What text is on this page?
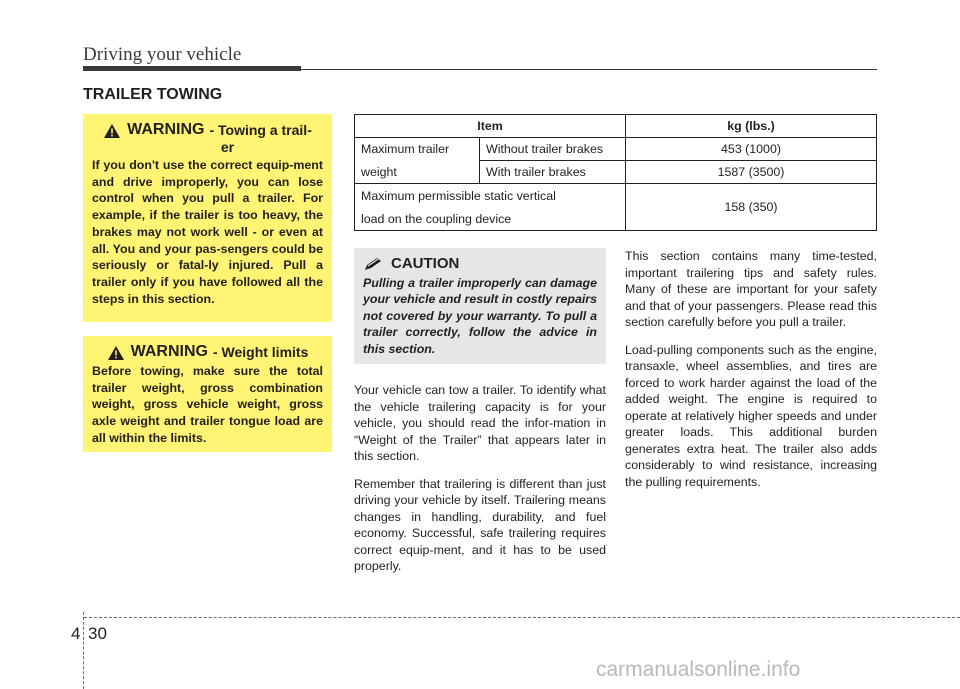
Driving your vehicle
TRAILER TOWING
WARNING - Towing a trail-
er
If you don't use the correct equip-ment and drive improperly, you can lose control when you pull a trailer. For example, if the trailer is too heavy, the brakes may not work well - or even at all. You and your pas-sengers could be seriously or fatal-ly injured. Pull a trailer only if you have followed all the steps in this section.
WARNING - Weight limits
Before towing, make sure the total trailer weight, gross combination weight, gross vehicle weight, gross axle weight and trailer tongue load are all within the limits.
Item		kg (lbs.)
Maximum trailer	Without trailer brakes	453 (1000)
weight	With trailer brakes	1587 (3500)
Maximum permissible static vertical		158 (350)
load on the coupling device		
CAUTION
Pulling a trailer improperly can damage your vehicle and result in costly repairs not covered by your warranty. To pull a trailer correctly, follow the advice in this section.

Your vehicle can tow a trailer. To identify what the vehicle trailering capacity is for your vehicle, you should read the infor-mation in “Weight of the Trailer” that appears later in this section.

Remember that trailering is different than just driving your vehicle by itself. Trailering means changes in handling, durability, and fuel economy. Successful, safe trailering requires correct equip-ment, and it has to be used properly.

This section contains many time-tested, important trailering tips and safety rules. Many of these are important for your safety and that of your passengers. Please read this section carefully before you pull a trailer.

Load-pulling components such as the engine, transaxle, wheel assemblies, and tires are forced to work harder against the load of the added weight. The engine is required to operate at relatively higher speeds and under greater loads. This additional burden generates extra heat. The trailer also adds considerably to wind resistance, increasing the pulling requirements.

4 30
carmanualsonline.info
